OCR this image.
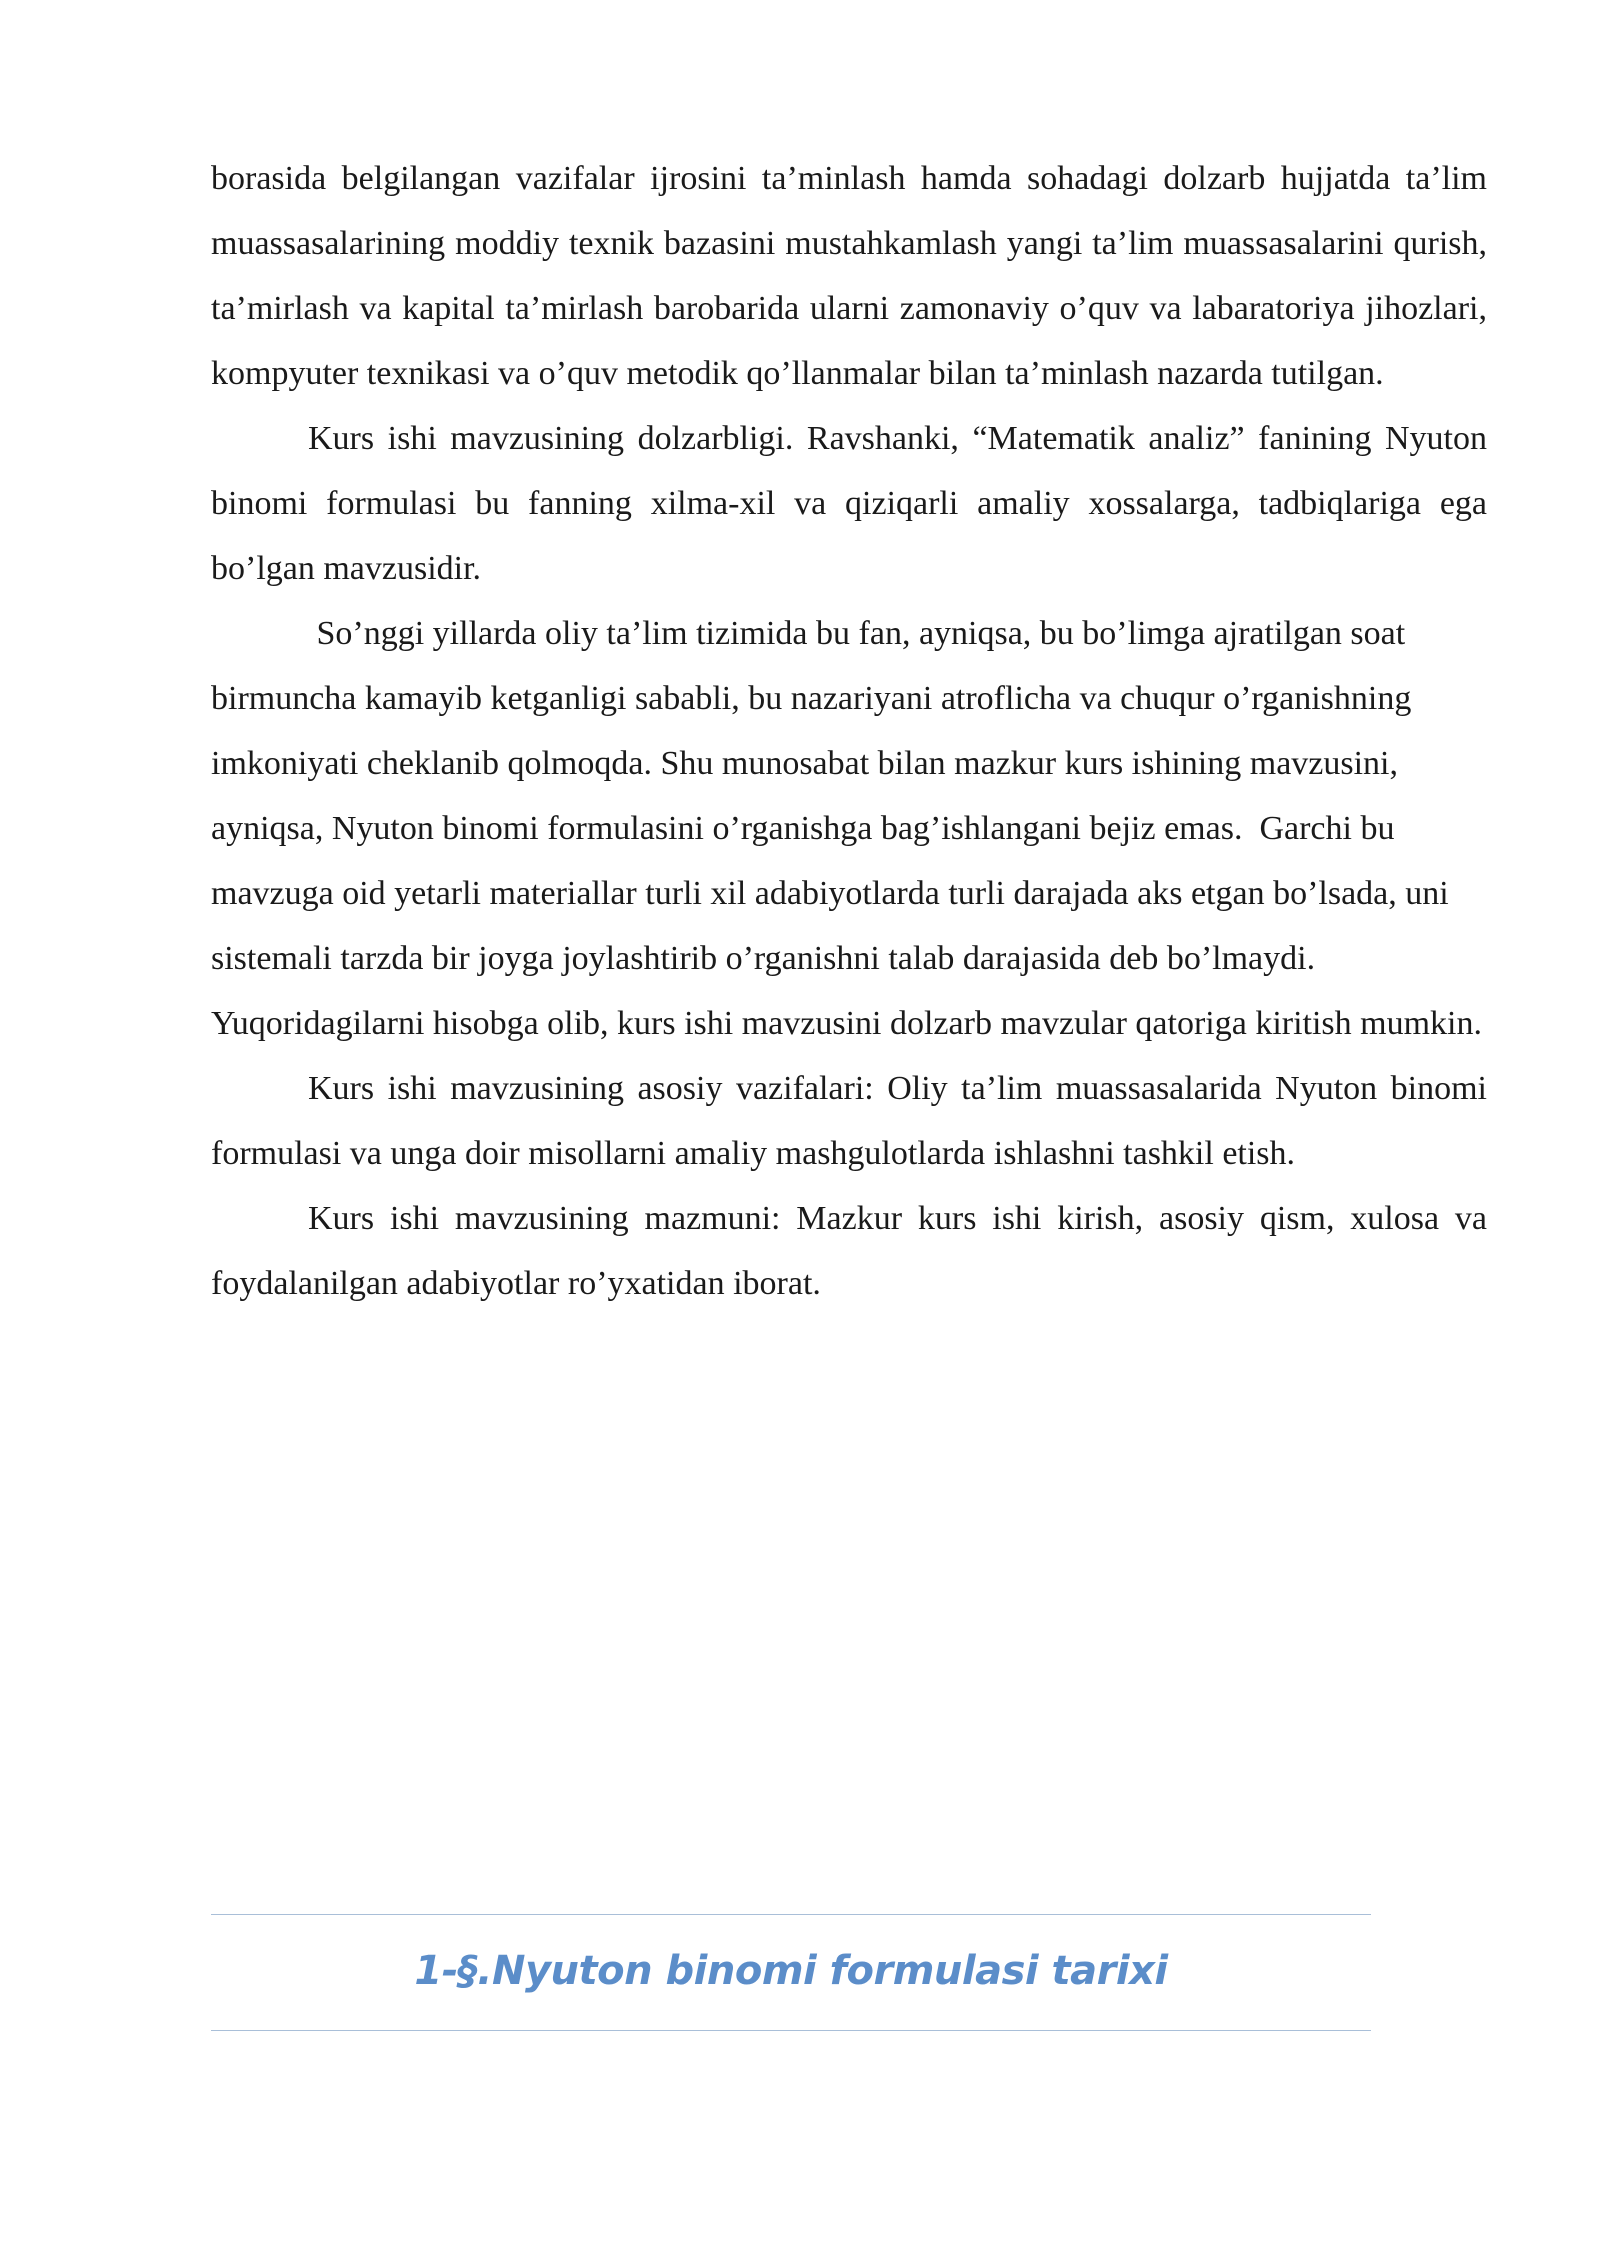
borasida belgilangan vazifalar ijrosini ta’minlash hamda sohadagi dolzarb hujjatda ta’lim muassasalarining moddiy texnik bazasini mustahkamlash yangi ta’lim muassasalarini qurish, ta’mirlash va kapital ta’mirlash barobarida ularni zamonaviy o’quv va labaratoriya jihozlari, kompyuter texnikasi va o’quv metodik qo’llanmalar bilan ta’minlash nazarda tutilgan.

Kurs ishi mavzusining dolzarbligi. Ravshanki, “Matematik analiz” fanining Nyuton binomi formulasi bu fanning xilma-xil va qiziqarli amaliy xossalarga, tadbiqlariga ega bo’lgan mavzusidir.

So’nggi yillarda oliy ta’lim tizimida bu fan, ayniqsa, bu bo’limga ajratilgan soat birmuncha kamayib ketganligi sababli, bu nazariyani atroflicha va chuqur o’rganishning imkoniyati cheklanib qolmoqda. Shu munosabat bilan mazkur kurs ishining mavzusini, ayniqsa, Nyuton binomi formulasini o’rganishga bag’ishlangani bejiz emas.  Garchi bu mavzuga oid yetarli materiallar turli xil adabiyotlarda turli darajada aks etgan bo’lsada, uni sistemali tarzda bir joyga joylashtirib o’rganishni talab darajasida deb bo’lmaydi. Yuqoridagilarni hisobga olib, kurs ishi mavzusini dolzarb mavzular qatoriga kiritish mumkin.

Kurs ishi mavzusining asosiy vazifalari: Oliy ta’lim muassasalarida Nyuton binomi formulasi va unga doir misollarni amaliy mashgulotlarda ishlashni tashkil etish.

Kurs ishi mavzusining mazmuni: Mazkur kurs ishi kirish, asosiy qism, xulosa va foydalanilgan adabiyotlar ro’yxatidan iborat.

1-§.Nyuton binomi formulasi tarixi
